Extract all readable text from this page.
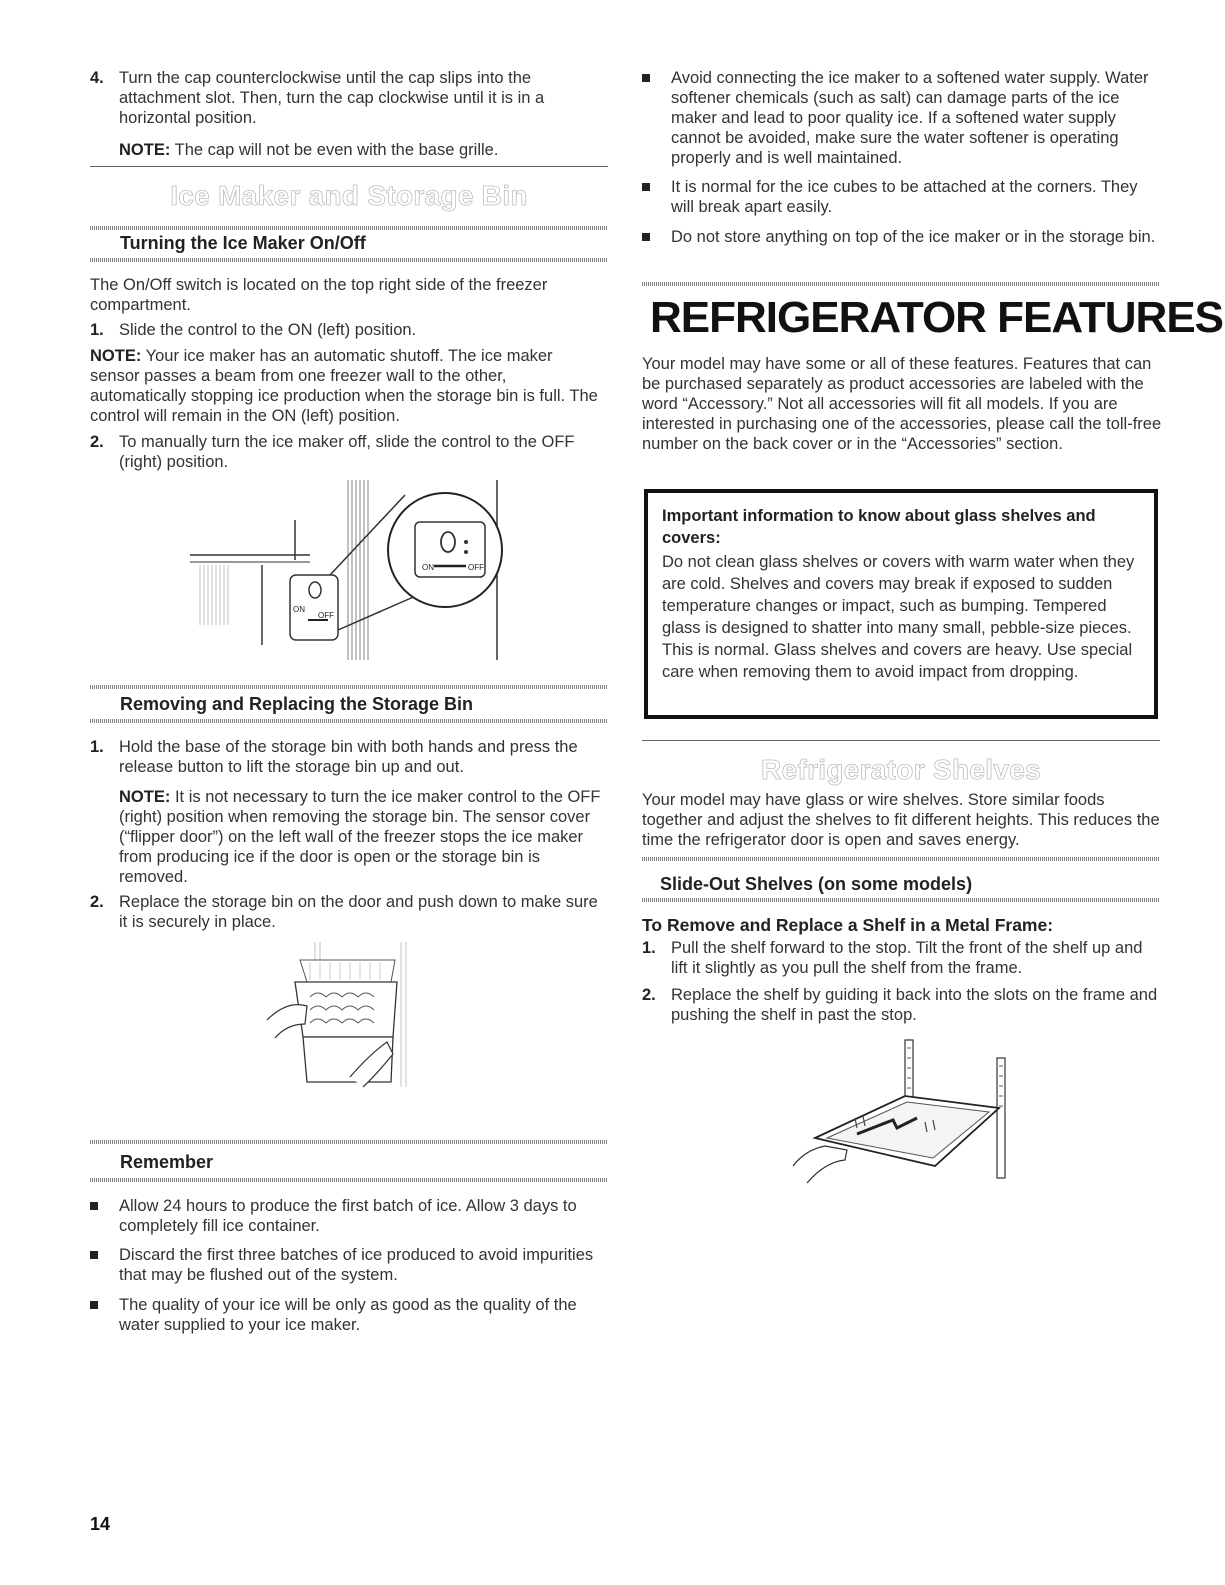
4. Turn the cap counterclockwise until the cap slips into the attachment slot. Then, turn the cap clockwise until it is in a horizontal position.

NOTE: The cap will not be even with the base grille.

Ice Maker and Storage Bin
Turning the Ice Maker On/Off

The On/Off switch is located on the top right side of the freezer compartment.

1. Slide the control to the ON (left) position.

NOTE: Your ice maker has an automatic shutoff. The ice maker sensor passes a beam from one freezer wall to the other, automatically stopping ice production when the storage bin is full. The control will remain in the ON (left) position.

2. To manually turn the ice maker off, slide the control to the OFF (right) position.

ON
OFF
ON	OFF
Removing and Replacing the Storage Bin
1. Hold the base of the storage bin with both hands and press the release button to lift the storage bin up and out.

NOTE: It is not necessary to turn the ice maker control to the OFF (right) position when removing the storage bin. The sensor cover (“flipper door”) on the left wall of the freezer stops the ice maker from producing ice if the door is open or the storage bin is removed.

2. Replace the storage bin on the door and push down to make sure it is securely in place.

Remember
Allow 24 hours to produce the first batch of ice. Allow 3 days to completely fill ice container.
Discard the first three batches of ice produced to avoid impurities that may be flushed out of the system.
The quality of your ice will be only as good as the quality of the water supplied to your ice maker.
14
Avoid connecting the ice maker to a softened water supply. Water softener chemicals (such as salt) can damage parts of the ice maker and lead to poor quality ice. If a softened water supply cannot be avoided, make sure the water softener is operating properly and is well maintained.
It is normal for the ice cubes to be attached at the corners. They will break apart easily.
Do not store anything on top of the ice maker or in the storage bin.
REFRIGERATOR FEATURES

Your model may have some or all of these features. Features that can be purchased separately as product accessories are labeled with the word “Accessory.” Not all accessories will fit all models. If you are interested in purchasing one of the accessories, please call the toll-free number on the back cover or in the “Accessories” section.

Important information to know about glass shelves and covers:
Do not clean glass shelves or covers with warm water when they are cold. Shelves and covers may break if exposed to sudden temperature changes or impact, such as bumping. Tempered glass is designed to shatter into many small, pebble-size pieces. This is normal. Glass shelves and covers are heavy. Use special care when removing them to avoid impact from dropping.
Refrigerator Shelves

Your model may have glass or wire shelves. Store similar foods together and adjust the shelves to fit different heights. This reduces the time the refrigerator door is open and saves energy.

Slide-Out Shelves (on some models)
To Remove and Replace a Shelf in a Metal Frame:
1. Pull the shelf forward to the stop. Tilt the front of the shelf up and lift it slightly as you pull the shelf from the frame.

2. Replace the shelf by guiding it back into the slots on the frame and pushing the shelf in past the stop.
